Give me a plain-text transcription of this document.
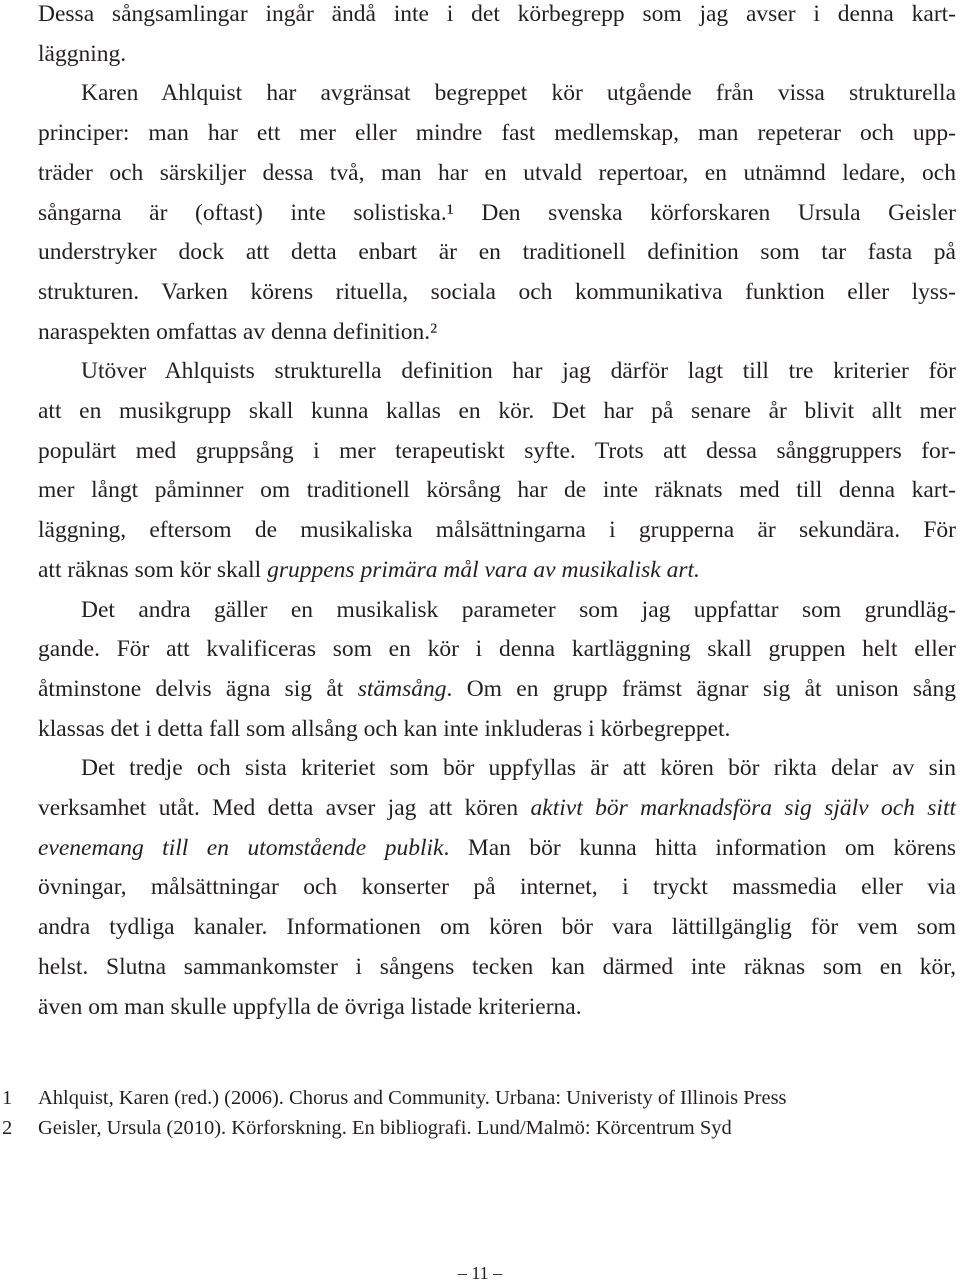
Dessa sångsamlingar ingår ändå inte i det körbegrepp som jag avser i denna kart-
läggning.
Karen Ahlquist har avgränsat begreppet kör utgående från vissa strukturella
principer: man har ett mer eller mindre fast medlemskap, man repeterar och upp-
träder och särskiljer dessa två, man har en utvald repertoar, en utnämnd ledare, och
sångarna är (oftast) inte solistiska.¹ Den svenska körforskaren Ursula Geisler
understryker dock att detta enbart är en traditionell definition som tar fasta på
strukturen. Varken körens rituella, sociala och kommunikativa funktion eller lyss-
naraspekten omfattas av denna definition.²
Utöver Ahlquists strukturella definition har jag därför lagt till tre kriterier för
att en musikgrupp skall kunna kallas en kör. Det har på senare år blivit allt mer
populärt med gruppsång i mer terapeutiskt syfte. Trots att dessa sånggruppers for-
mer långt påminner om traditionell körsång har de inte räknats med till denna kart-
läggning, eftersom de musikaliska målsättningarna i grupperna är sekundära. För
att räknas som kör skall gruppens primära mål vara av musikalisk art.
Det andra gäller en musikalisk parameter som jag uppfattar som grundläg-
gande. För att kvalificeras som en kör i denna kartläggning skall gruppen helt eller
åtminstone delvis ägna sig åt stämsång. Om en grupp främst ägnar sig åt unison sång
klassas det i detta fall som allsång och kan inte inkluderas i körbegreppet.
Det tredje och sista kriteriet som bör uppfyllas är att kören bör rikta delar av sin
verksamhet utåt. Med detta avser jag att kören aktivt bör marknadsföra sig själv och sitt
evenemang till en utomstående publik. Man bör kunna hitta information om körens
övningar, målsättningar och konserter på internet, i tryckt massmedia eller via
andra tydliga kanaler. Informationen om kören bör vara lättillgänglig för vem som
helst. Slutna sammankomster i sångens tecken kan därmed inte räknas som en kör,
även om man skulle uppfylla de övriga listade kriterierna.
1 Ahlquist, Karen (red.) (2006). Chorus and Community. Urbana: Univeristy of Illinois Press
2 Geisler, Ursula (2010). Körforskning. En bibliografi. Lund/Malmö: Körcentrum Syd
– 11 –
